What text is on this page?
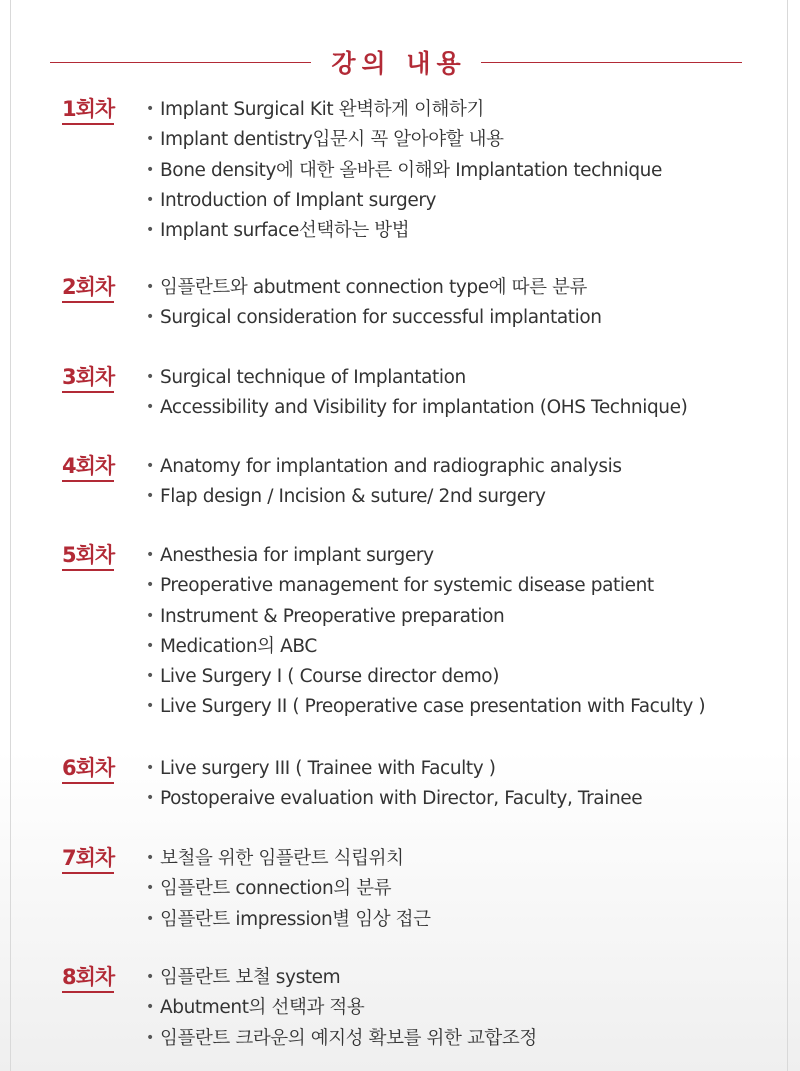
강의 내용
1회차 • Implant Surgical Kit 완벽하게 이해하기
• Implant dentistry입문시 꼭 알아야할 내용
• Bone density에 대한 올바른 이해와 Implantation technique
• Introduction of Implant surgery
• Implant surface선택하는 방법
2회차 • 임플란트와 abutment connection type에 따른 분류
• Surgical consideration for successful implantation
3회차 • Surgical technique of Implantation
• Accessibility and Visibility for implantation (OHS Technique)
4회차 • Anatomy for implantation and radiographic analysis
• Flap design / Incision & suture/ 2nd surgery
5회차 • Anesthesia for implant surgery
• Preoperative management for systemic disease patient
• Instrument & Preoperative preparation
• Medication의 ABC
• Live Surgery I ( Course director demo)
• Live Surgery II ( Preoperative case presentation with Faculty )
6회차 • Live surgery III ( Trainee with Faculty )
• Postoperaive evaluation with Director, Faculty, Trainee
7회차 • 보철을 위한 임플란트 식립위치
• 임플란트 connection의 분류
• 임플란트 impression별 임상 접근
8회차 • 임플란트 보철 system
• Abutment의 선택과 적용
• 임플란트 크라운의 예지성 확보를 위한 교합조정
